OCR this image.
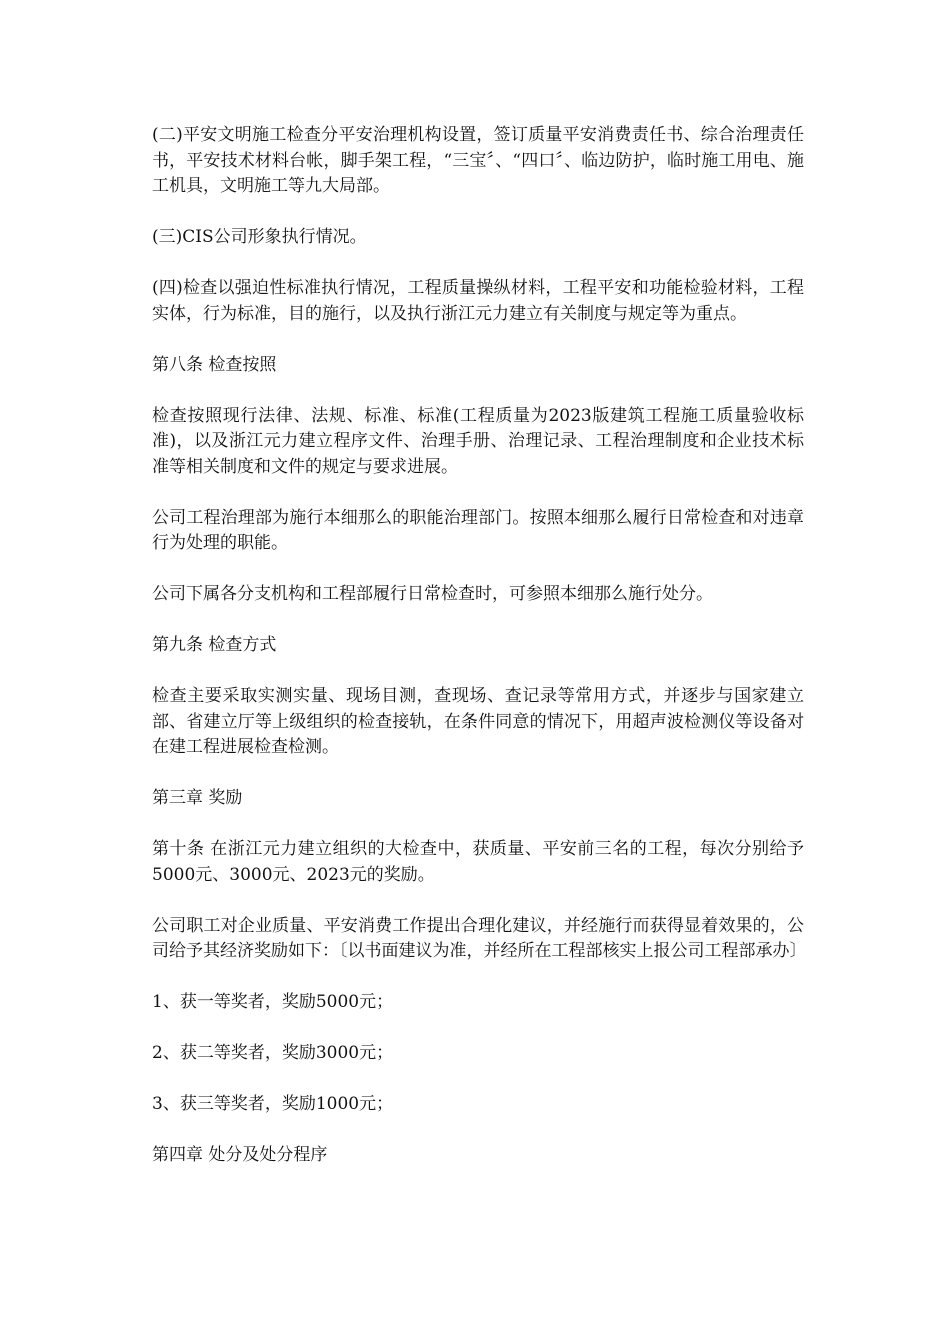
(二)平安文明施工检查分平安治理机构设置，签订质量平安消费责任书、综合治理责任书，平安技术材料台帐，脚手架工程，“三宝〞、“四口〞、临边防护，临时施工用电、施工机具，文明施工等九大局部。

(三)CIS公司形象执行情况。

(四)检查以强迫性标准执行情况，工程质量操纵材料，工程平安和功能检验材料，工程实体，行为标准，目的施行，以及执行浙江元力建立有关制度与规定等为重点。

第八条 检查按照

检查按照现行法律、法规、标准、标准(工程质量为2023版建筑工程施工质量验收标准)，以及浙江元力建立程序文件、治理手册、治理记录、工程治理制度和企业技术标准等相关制度和文件的规定与要求进展。

公司工程治理部为施行本细那么的职能治理部门。按照本细那么履行日常检查和对违章行为处理的职能。

公司下属各分支机构和工程部履行日常检查时，可参照本细那么施行处分。

第九条 检查方式

检查主要采取实测实量、现场目测，查现场、查记录等常用方式，并逐步与国家建立部、省建立厅等上级组织的检查接轨，在条件同意的情况下，用超声波检测仪等设备对在建工程进展检查检测。

第三章 奖励

第十条 在浙江元力建立组织的大检查中，获质量、平安前三名的工程，每次分别给予5000元、3000元、2023元的奖励。

公司职工对企业质量、平安消费工作提出合理化建议，并经施行而获得显着效果的，公司给予其经济奖励如下：〔以书面建议为准，并经所在工程部核实上报公司工程部承办〕

1、获一等奖者，奖励5000元；

2、获二等奖者，奖励3000元；

3、获三等奖者，奖励1000元；

第四章 处分及处分程序
